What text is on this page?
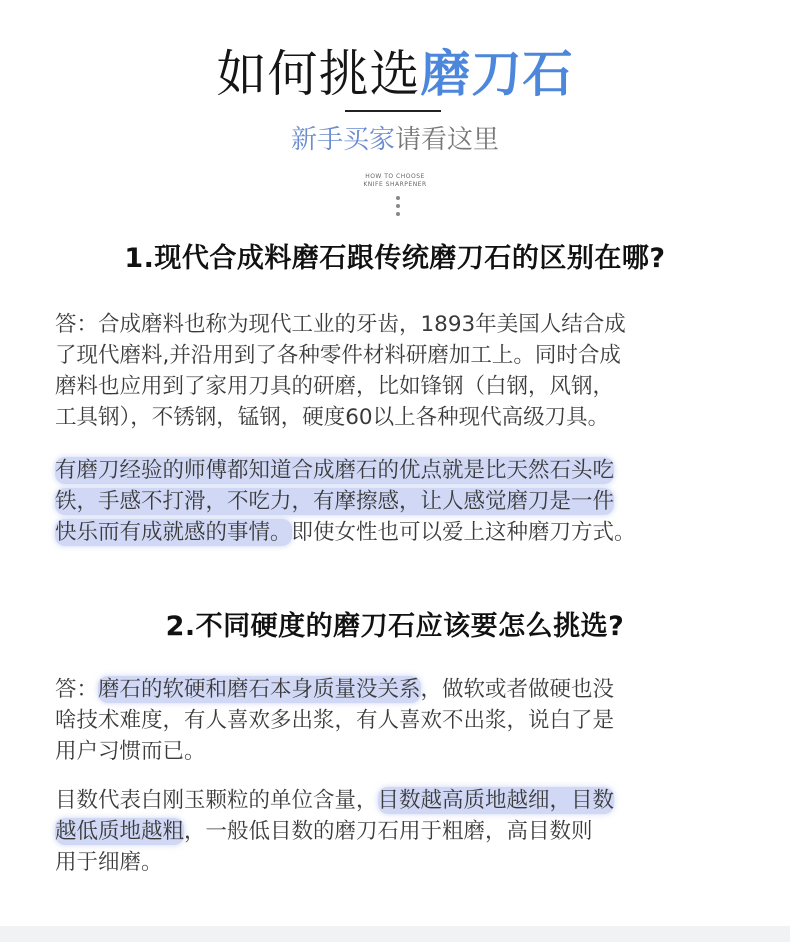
如何挑选磨刀石
新手买家请看这里
HOW TO CHOOSE
KNIFE SHARPENER
1.现代合成料磨石跟传统磨刀石的区别在哪?
答：合成磨料也称为现代工业的牙齿，1893年美国人结合成
了现代磨料,并沿用到了各种零件材料研磨加工上。同时合成
磨料也应用到了家用刀具的研磨，比如锋钢（白钢，风钢，
工具钢），不锈钢，锰钢，硬度60以上各种现代高级刀具。
有磨刀经验的师傅都知道合成磨石的优点就是比天然石头吃
铁，手感不打滑，不吃力，有摩擦感，让人感觉磨刀是一件
快乐而有成就感的事情。即使女性也可以爱上这种磨刀方式。
2.不同硬度的磨刀石应该要怎么挑选?
答：磨石的软硬和磨石本身质量没关系，做软或者做硬也没
啥技术难度，有人喜欢多出浆，有人喜欢不出浆，说白了是
用户习惯而已。
目数代表白刚玉颗粒的单位含量，目数越高质地越细，目数
越低质地越粗，一般低目数的磨刀石用于粗磨，高目数则
用于细磨。
